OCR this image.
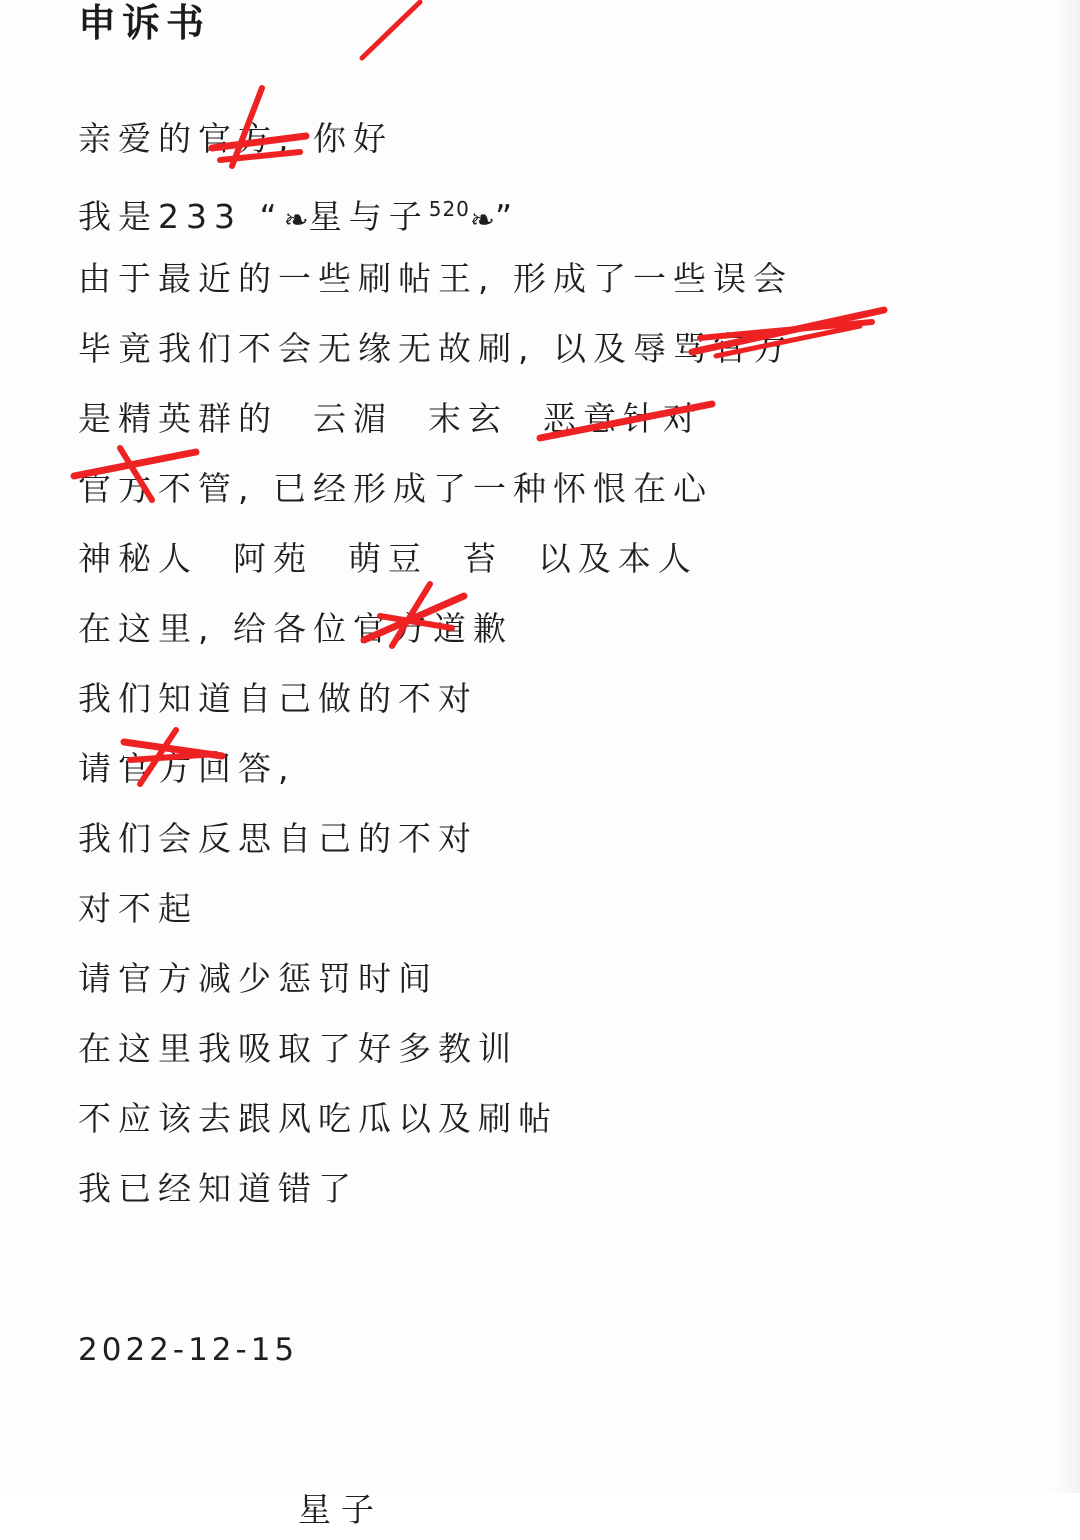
申诉书
亲爱的官方, 你好
我是233 “❧星与子$^{520}$❧”
由于最近的一些刷帖王, 形成了一些误会
毕竟我们不会无缘无故刷, 以及辱骂官方
是精英群的  云湄  末玄  恶意针对
官方不管, 已经形成了一种怀恨在心
神秘人  阿苑  萌豆  苔  以及本人
在这里, 给各位官方道歉
我们知道自己做的不对
请官方回答,
我们会反思自己的不对
对不起
请官方减少惩罚时间
在这里我吸取了好多教训
不应该去跟风吃瓜以及刷帖
我已经知道错了
2022-12-15
星子
